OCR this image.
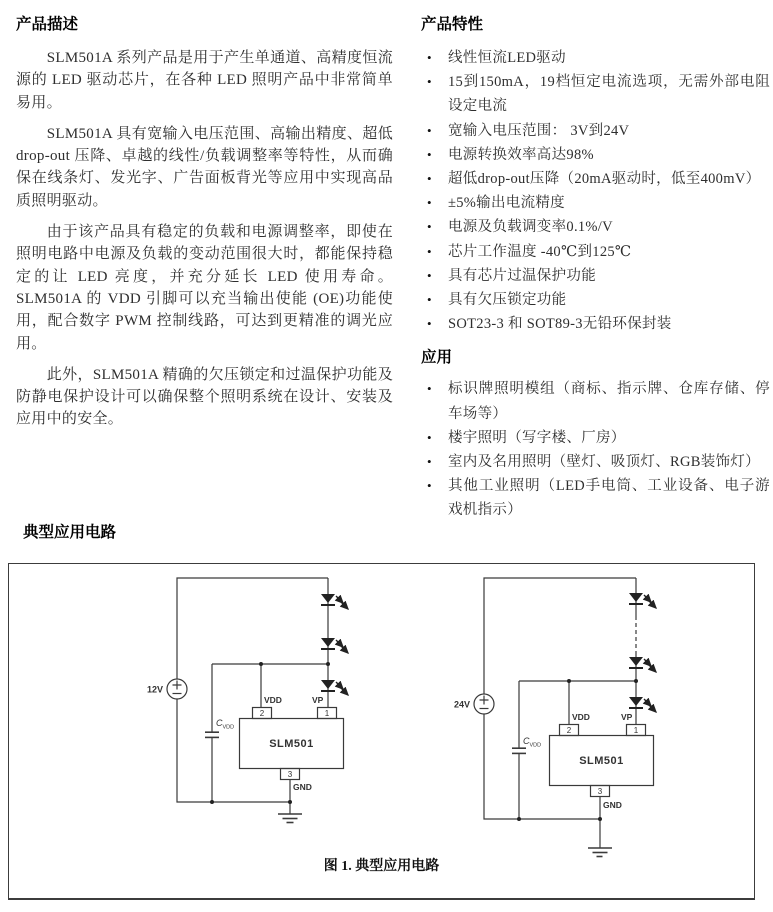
产品描述

SLM501A 系列产品是用于产生单通道、高精度恒流源的 LED 驱动芯片，在各种 LED 照明产品中非常简单易用。

SLM501A 具有宽输入电压范围、高输出精度、超低 drop-out 压降、卓越的线性/负载调整率等特性，从而确保在线条灯、发光字、广告面板背光等应用中实现高品质照明驱动。

由于该产品具有稳定的负载和电源调整率，即使在照明电路中电源及负载的变动范围很大时，都能保持稳定的让 LED 亮度，并充分延长 LED 使用寿命。SLM501A 的 VDD 引脚可以充当输出使能 (OE)功能使用，配合数字 PWM 控制线路，可达到更精准的调光应用。

此外，SLM501A 精确的欠压锁定和过温保护功能及防静电保护设计可以确保整个照明系统在设计、安装及应用中的安全。

产品特性
• 线性恒流LED驱动
• 15到150mA，19档恒定电流选项，无需外部电阻设定电流
• 宽输入电压范围： 3V到24V
• 电源转换效率高达98%
• 超低drop-out压降（20mA驱动时，低至400mV）
• ±5%输出电流精度
• 电源及负载调变率0.1%/V
• 芯片工作温度 -40℃到125℃
• 具有芯片过温保护功能
• 具有欠压锁定功能
• SOT23-3 和 SOT89-3无铅环保封装
应用
• 标识牌照明模组（商标、指示牌、仓库存储、停车场等）
• 楼宇照明（写字楼、厂房）
• 室内及名用照明（壁灯、吸顶灯、RGB装饰灯）
• 其他工业照明（LED手电筒、工业设备、电子游戏机指示）
典型应用电路
12V
C VDD
VDD	VP
GND
2	1
3
SLM501
24V
C VDD
VDD	VP
GND
2	1
3
SLM501
图 1. 典型应用电路
